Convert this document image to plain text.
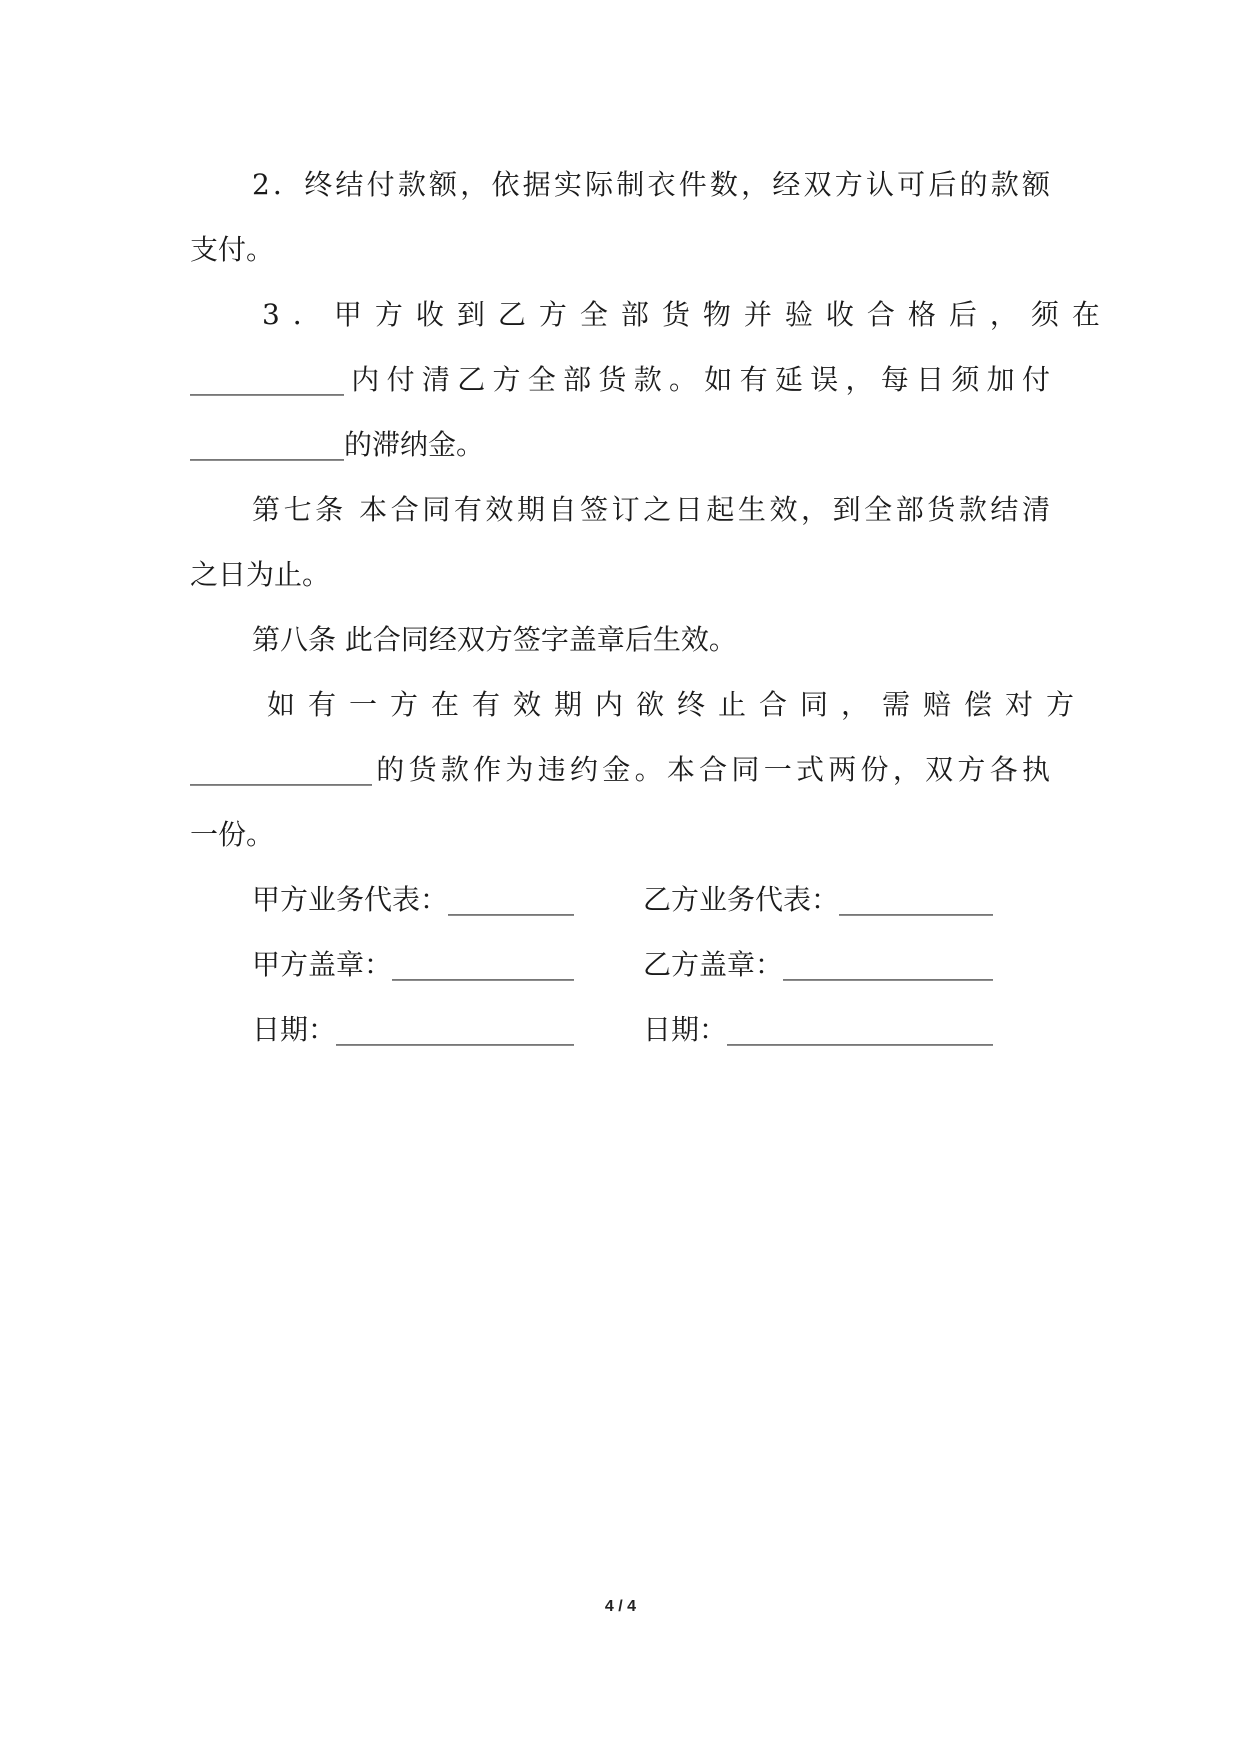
2．终结付款额，依据实际制衣件数，经双方认可后的款额
支付。
3．甲方收到乙方全部货物并验收合格后，须在
___________内付清乙方全部货款。如有延误，每日须加付
___________的滞纳金。
第七条 本合同有效期自签订之日起生效，到全部货款结清
之日为止。
第八条 此合同经双方签字盖章后生效。
如有一方在有效期内欲终止合同，需赔偿对方
_____________的货款作为违约金。本合同一式两份，双方各执
一份。
甲方业务代表：_________	乙方业务代表：___________
甲方盖章：_____________	乙方盖章：_______________
日期：_________________	日期：___________________
4 / 4
